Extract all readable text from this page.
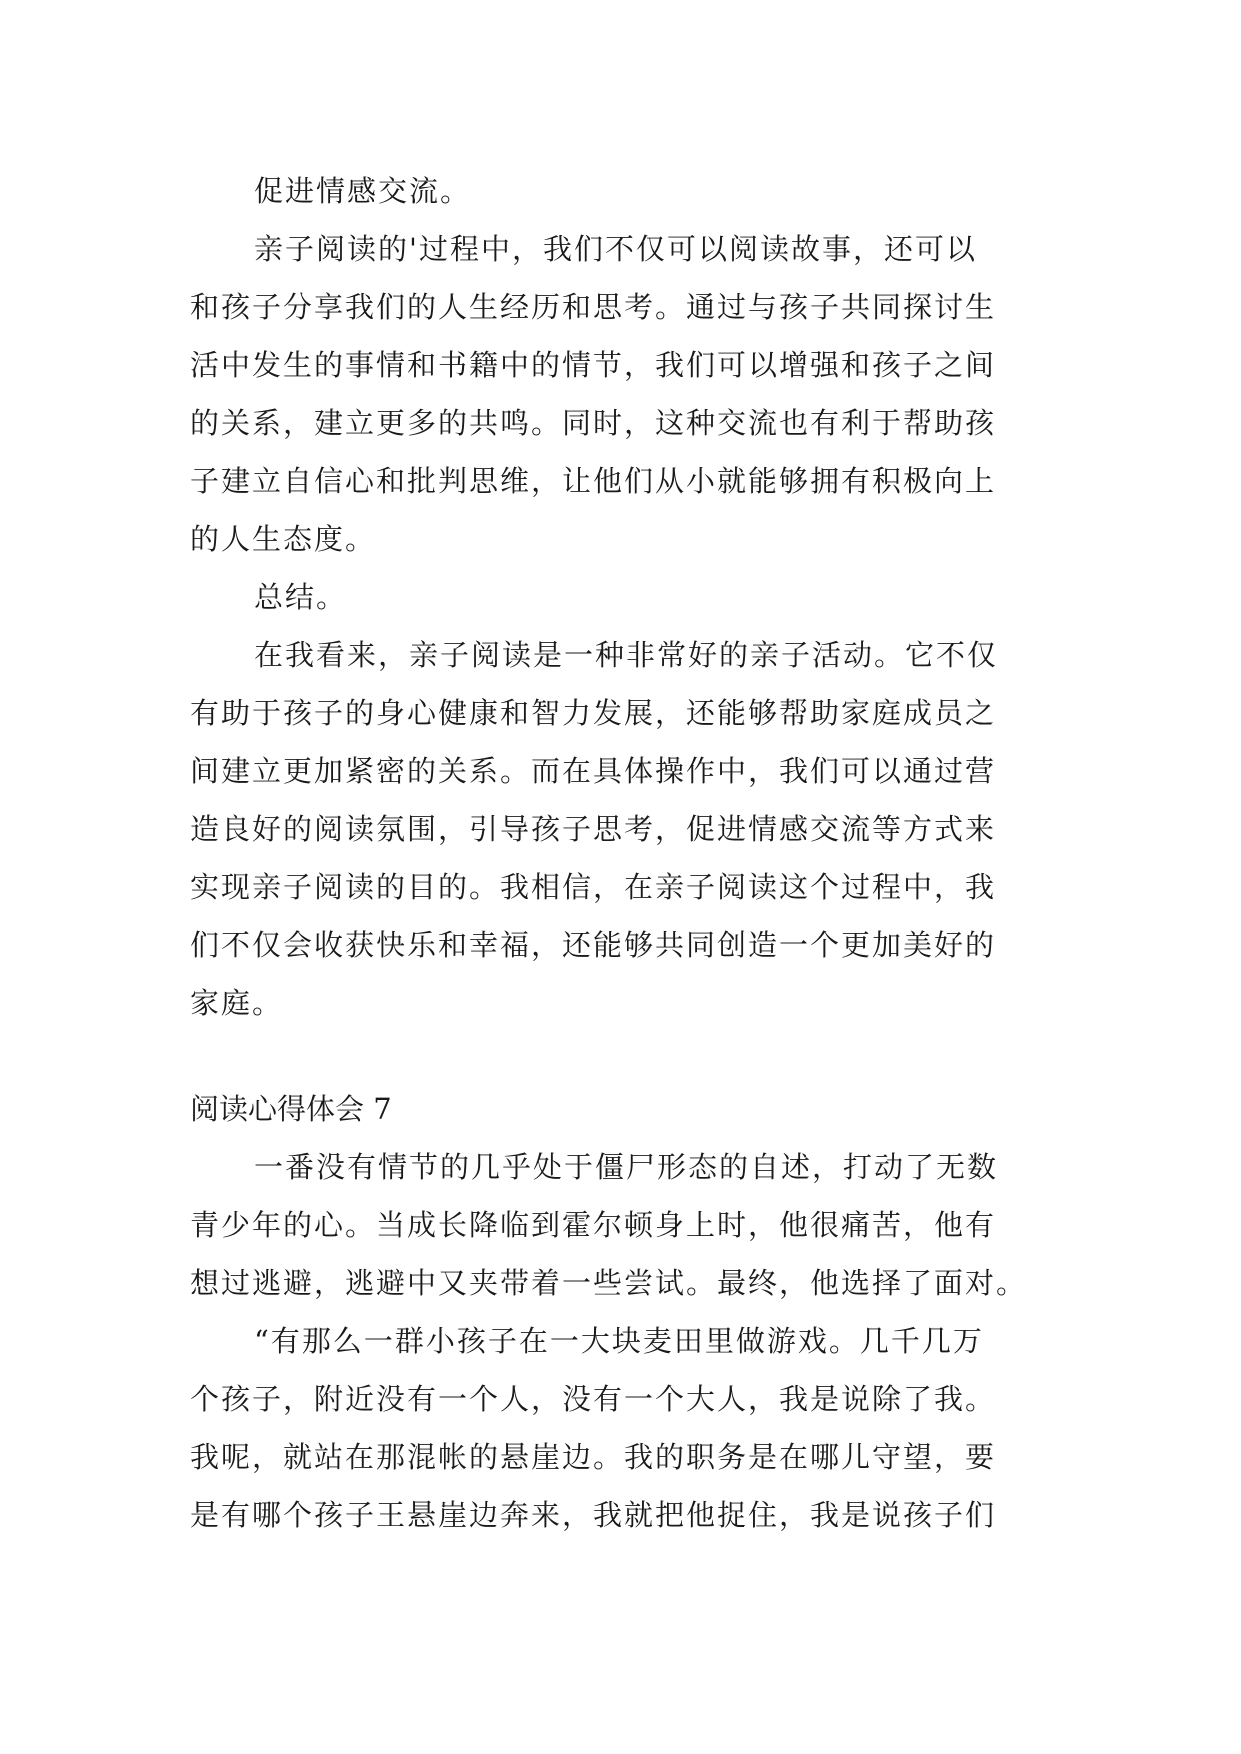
促进情感交流。
亲子阅读的'过程中，我们不仅可以阅读故事，还可以
和孩子分享我们的人生经历和思考。通过与孩子共同探讨生
活中发生的事情和书籍中的情节，我们可以增强和孩子之间
的关系，建立更多的共鸣。同时，这种交流也有利于帮助孩
子建立自信心和批判思维，让他们从小就能够拥有积极向上
的人生态度。
总结。
在我看来，亲子阅读是一种非常好的亲子活动。它不仅
有助于孩子的身心健康和智力发展，还能够帮助家庭成员之
间建立更加紧密的关系。而在具体操作中，我们可以通过营
造良好的阅读氛围，引导孩子思考，促进情感交流等方式来
实现亲子阅读的目的。我相信，在亲子阅读这个过程中，我
们不仅会收获快乐和幸福，还能够共同创造一个更加美好的
家庭。
阅读心得体会 7
一番没有情节的几乎处于僵尸形态的自述，打动了无数
青少年的心。当成长降临到霍尔顿身上时，他很痛苦，他有
想过逃避，逃避中又夹带着一些尝试。最终，他选择了面对。
“有那么一群小孩子在一大块麦田里做游戏。几千几万
个孩子，附近没有一个人，没有一个大人，我是说除了我。
我呢，就站在那混帐的悬崖边。我的职务是在哪儿守望，要
是有哪个孩子王悬崖边奔来，我就把他捉住，我是说孩子们
